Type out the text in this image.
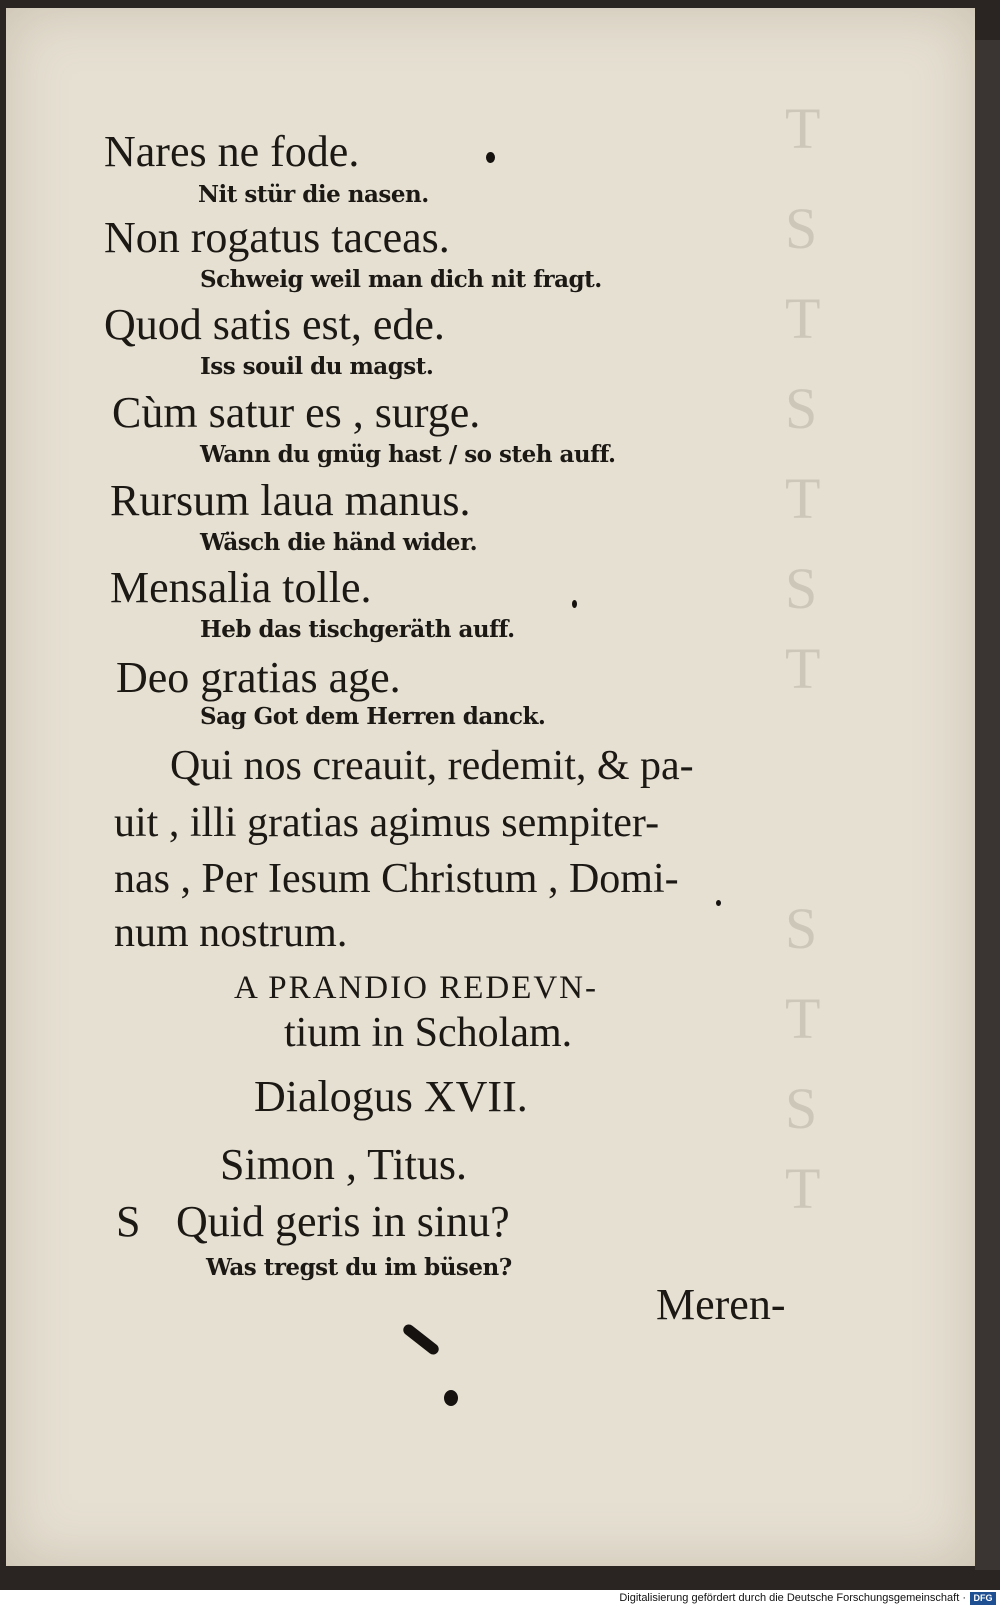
T
S
T
S
T
S
T
S
T
S
T
Nares ne fode.
Nit stür die nasen.
Non rogatus taceas.
Schweig weil man dich nit fragt.
Quod satis est, ede.
Iss souil du magst.
Cùm satur es , surge.
Wann du gnüg hast / so steh auff.
Rursum laua manus.
Wäsch die händ wider.
Mensalia tolle.
Heb das tischgeräth auff.
Deo gratias age.
Sag Got dem Herren danck.
Qui nos creauit, redemit, & pa-
uit , illi gratias agimus sempiter-
nas , Per Iesum Christum , Domi-
num nostrum.
A PRANDIO REDEVN-
tium in Scholam.
Dialogus XVII.
Simon , Titus.
S Quid geris in sinu?
Was tregst du im büsen?
Meren-
Digitalisierung gefördert durch die Deutsche Forschungsgemeinschaft · DFG
